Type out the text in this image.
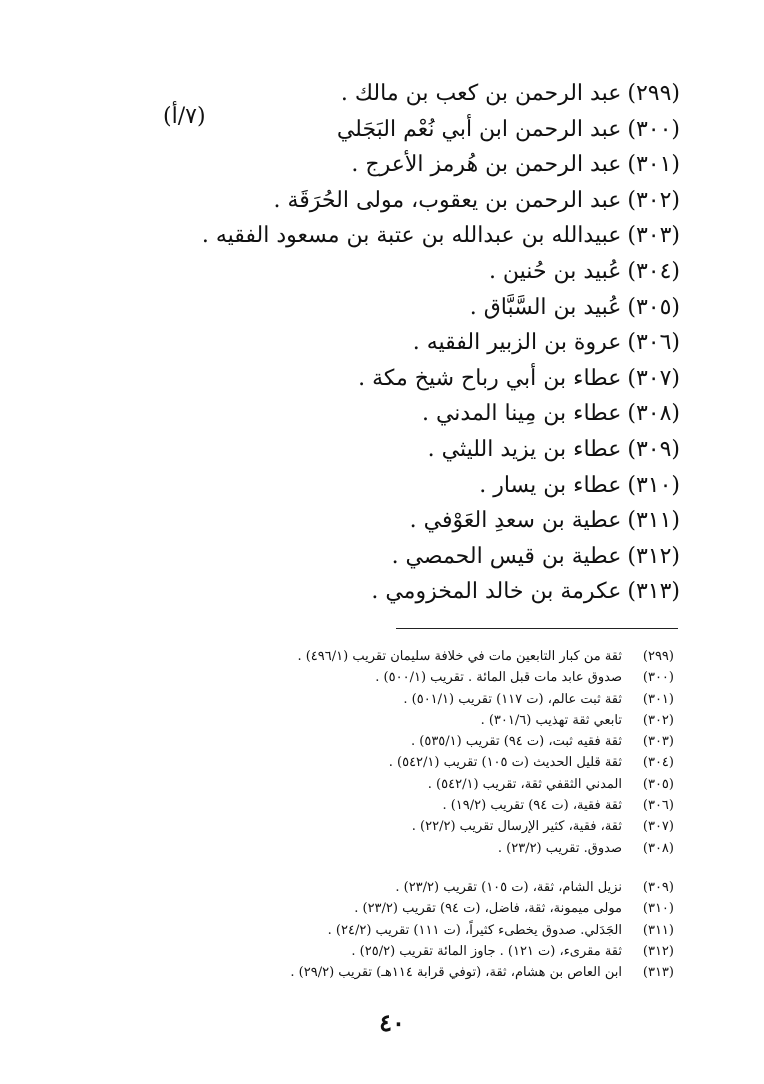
(٧/أ)
(٢٩٩)عبد الرحمن بن كعب بن مالك .
(٣٠٠)عبد الرحمن ابن أبي نُعْم البَجَلي
(٣٠١)عبد الرحمن بن هُرمز الأعرج .
(٣٠٢)عبد الرحمن بن يعقوب، مولى الحُرَقَة .
(٣٠٣)عبيدالله بن عبدالله بن عتبة بن مسعود الفقيه .
(٣٠٤)عُبيد بن حُنين .
(٣٠٥)عُبيد بن السَّبَّاق .
(٣٠٦)عروة بن الزبير الفقيه .
(٣٠٧)عطاء بن أبي رباح شيخ مكة .
(٣٠٨)عطاء بن مِينا المدني .
(٣٠٩)عطاء بن يزيد الليثي .
(٣١٠)عطاء بن يسار .
(٣١١)عطية بن سعدِ العَوْفي .
(٣١٢)عطية بن قيس الحمصي .
(٣١٣)عكرمة بن خالد المخزومي .
(٢٩٩)
ثقة من كبار التابعين مات في خلافة سليمان تقريب (٤٩٦/١) .
(٣٠٠)
صدوق عابد مات قبل المائة . تقريب (٥٠٠/١) .
(٣٠١)
ثقة ثبت عالم، (ت ١١٧) تقريب (٥٠١/١) .
(٣٠٢)
تابعي ثقة تهذيب (٣٠١/٦) .
(٣٠٣)
ثقة فقيه ثبت، (ت ٩٤) تقريب (٥٣٥/١) .
(٣٠٤)
ثقة قليل الحديث (ت ١٠٥) تقريب (٥٤٢/١) .
(٣٠٥)
المدني الثقفي ثقة، تقريب (٥٤٢/١) .
(٣٠٦)
ثقة فقية، (ت ٩٤) تقريب (١٩/٢) .
(٣٠٧)
ثقة، فقية، كثير الإرسال تقريب (٢٢/٢) .
(٣٠٨)
صدوق. تقريب (٢٣/٢) .
(٣٠٩)
نزيل الشام، ثقة، (ت ١٠٥) تقريب (٢٣/٢) .
(٣١٠)
مولى ميمونة، ثقة، فاضل، (ت ٩٤) تقريب (٢٣/٢) .
(٣١١)
الجَدَلي. صدوق يخطىء كثيراً، (ت ١١١) تقريب (٢٤/٢) .
(٣١٢)
ثقة مقرىء، (ت ١٢١) . جاوز المائة تقريب (٢٥/٢) .
(٣١٣)
ابن العاص بن هشام، ثقة، (توفي قرابة ١١٤هـ) تقريب (٢٩/٢) .
٤٠
